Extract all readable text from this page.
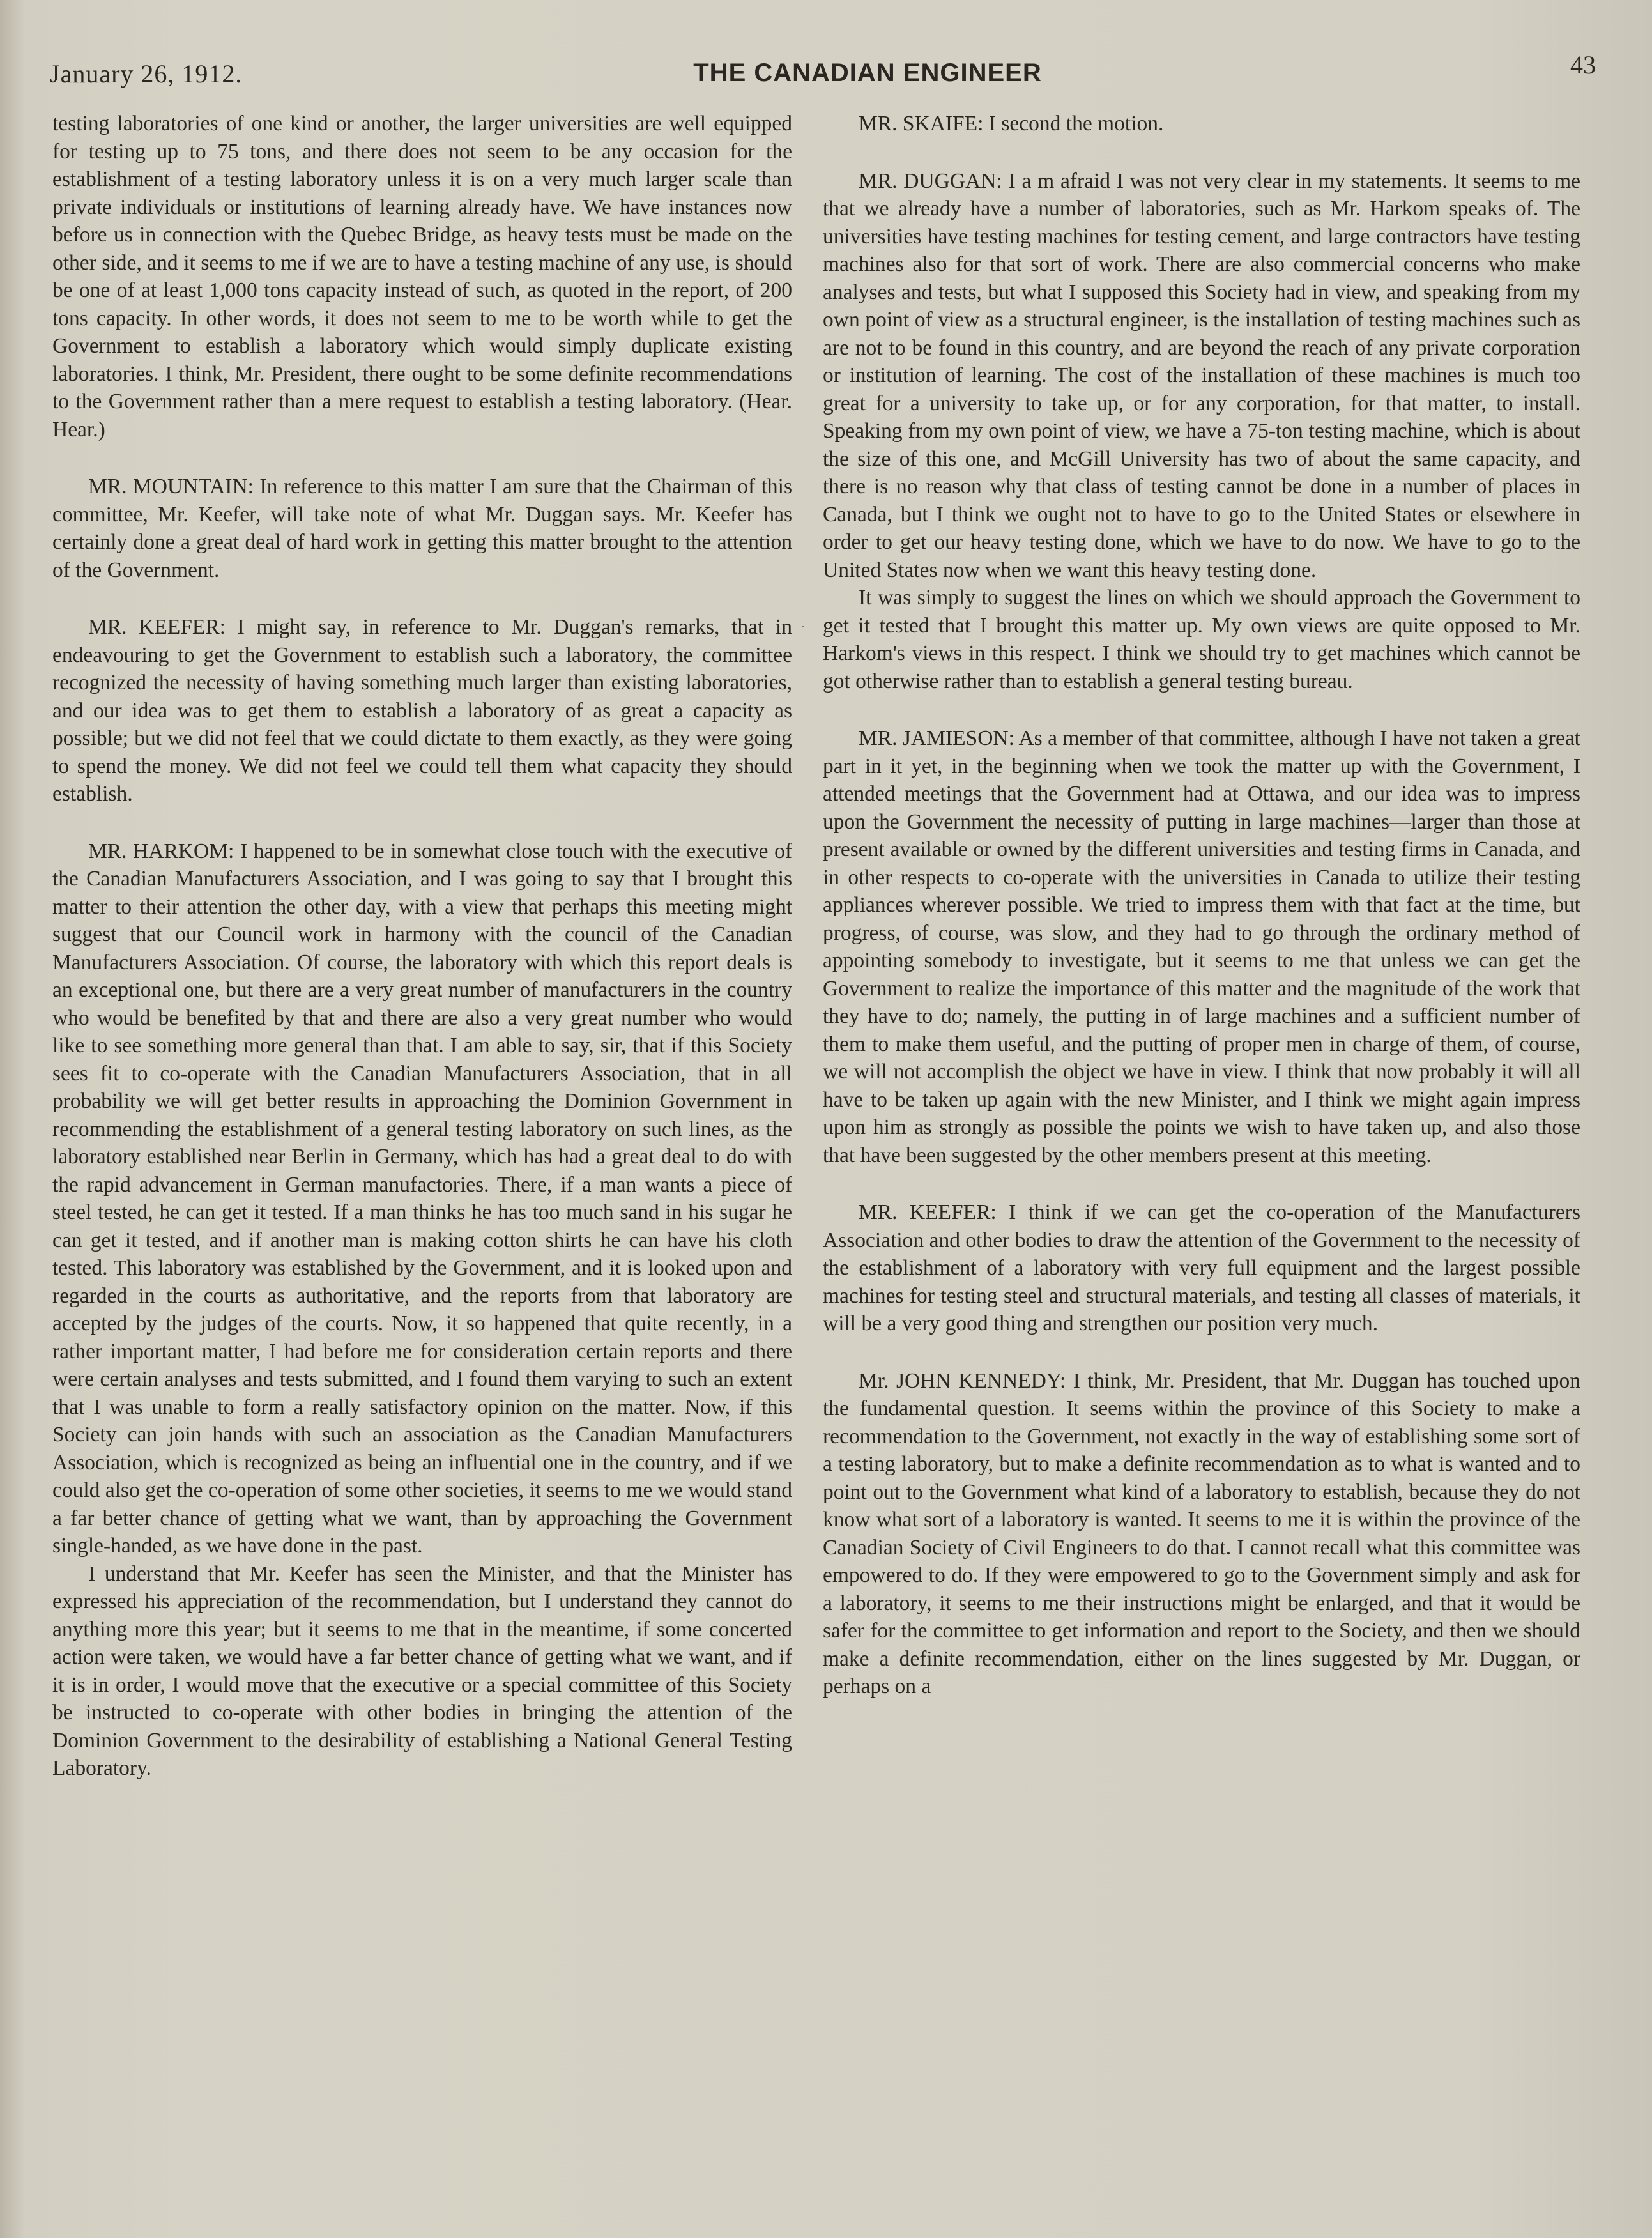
January 26, 1912.	THE CANADIAN ENGINEER	43

testing laboratories of one kind or another, the larger universities are well equipped for testing up to 75 tons, and there does not seem to be any occasion for the establishment of a testing laboratory unless it is on a very much larger scale than private individuals or institutions of learning already have. We have instances now before us in connection with the Quebec Bridge, as heavy tests must be made on the other side, and it seems to me if we are to have a testing machine of any use, is should be one of at least 1,000 tons capacity instead of such, as quoted in the report, of 200 tons capacity. In other words, it does not seem to me to be worth while to get the Government to establish a laboratory which would simply duplicate existing laboratories. I think, Mr. President, there ought to be some definite recommendations to the Government rather than a mere request to establish a testing laboratory. (Hear. Hear.)

MR. MOUNTAIN: In reference to this matter I am sure that the Chairman of this committee, Mr. Keefer, will take note of what Mr. Duggan says. Mr. Keefer has certainly done a great deal of hard work in getting this matter brought to the attention of the Government.

MR. KEEFER: I might say, in reference to Mr. Duggan's remarks, that in endeavouring to get the Government to establish such a laboratory, the committee recognized the necessity of having something much larger than existing laboratories, and our idea was to get them to establish a laboratory of as great a capacity as possible; but we did not feel that we could dictate to them exactly, as they were going to spend the money. We did not feel we could tell them what capacity they should establish.

MR. HARKOM: I happened to be in somewhat close touch with the executive of the Canadian Manufacturers Association, and I was going to say that I brought this matter to their attention the other day, with a view that perhaps this meeting might suggest that our Council work in harmony with the council of the Canadian Manufacturers Association. Of course, the laboratory with which this report deals is an exceptional one, but there are a very great number of manufacturers in the country who would be benefited by that and there are also a very great number who would like to see something more general than that. I am able to say, sir, that if this Society sees fit to co-operate with the Canadian Manufacturers Association, that in all probability we will get better results in approaching the Dominion Government in recommending the establishment of a general testing laboratory on such lines, as the laboratory established near Berlin in Germany, which has had a great deal to do with the rapid advancement in German manufactories. There, if a man wants a piece of steel tested, he can get it tested. If a man thinks he has too much sand in his sugar he can get it tested, and if another man is making cotton shirts he can have his cloth tested. This laboratory was established by the Government, and it is looked upon and regarded in the courts as authoritative, and the reports from that laboratory are accepted by the judges of the courts. Now, it so happened that quite recently, in a rather important matter, I had before me for consideration certain reports and there were certain analyses and tests submitted, and I found them varying to such an extent that I was unable to form a really satisfactory opinion on the matter. Now, if this Society can join hands with such an association as the Canadian Manufacturers Association, which is recognized as being an influential one in the country, and if we could also get the co-operation of some other societies, it seems to me we would stand a far better chance of getting what we want, than by approaching the Government single-handed, as we have done in the past.

I understand that Mr. Keefer has seen the Minister, and that the Minister has expressed his appreciation of the recommendation, but I understand they cannot do anything more this year; but it seems to me that in the meantime, if some concerted action were taken, we would have a far better chance of getting what we want, and if it is in order, I would move that the executive or a special committee of this Society be instructed to co-operate with other bodies in bringing the attention of the Dominion Government to the desirability of establishing a National General Testing Laboratory.

MR. SKAIFE: I second the motion.

MR. DUGGAN: I a m afraid I was not very clear in my statements. It seems to me that we already have a number of laboratories, such as Mr. Harkom speaks of. The universities have testing machines for testing cement, and large contractors have testing machines also for that sort of work. There are also commercial concerns who make analyses and tests, but what I supposed this Society had in view, and speaking from my own point of view as a structural engineer, is the installation of testing machines such as are not to be found in this country, and are beyond the reach of any private corporation or institution of learning. The cost of the installation of these machines is much too great for a university to take up, or for any corporation, for that matter, to install. Speaking from my own point of view, we have a 75-ton testing machine, which is about the size of this one, and McGill University has two of about the same capacity, and there is no reason why that class of testing cannot be done in a number of places in Canada, but I think we ought not to have to go to the United States or elsewhere in order to get our heavy testing done, which we have to do now. We have to go to the United States now when we want this heavy testing done.

It was simply to suggest the lines on which we should approach the Government to get it tested that I brought this matter up. My own views are quite opposed to Mr. Harkom's views in this respect. I think we should try to get machines which cannot be got otherwise rather than to establish a general testing bureau.

MR. JAMIESON: As a member of that committee, although I have not taken a great part in it yet, in the beginning when we took the matter up with the Government, I attended meetings that the Government had at Ottawa, and our idea was to impress upon the Government the necessity of putting in large machines—larger than those at present available or owned by the different universities and testing firms in Canada, and in other respects to co-operate with the universities in Canada to utilize their testing appliances wherever possible. We tried to impress them with that fact at the time, but progress, of course, was slow, and they had to go through the ordinary method of appointing somebody to investigate, but it seems to me that unless we can get the Government to realize the importance of this matter and the magnitude of the work that they have to do; namely, the putting in of large machines and a sufficient number of them to make them useful, and the putting of proper men in charge of them, of course, we will not accomplish the object we have in view. I think that now probably it will all have to be taken up again with the new Minister, and I think we might again impress upon him as strongly as possible the points we wish to have taken up, and also those that have been suggested by the other members present at this meeting.

MR. KEEFER: I think if we can get the co-operation of the Manufacturers Association and other bodies to draw the attention of the Government to the necessity of the establishment of a laboratory with very full equipment and the largest possible machines for testing steel and structural materials, and testing all classes of materials, it will be a very good thing and strengthen our position very much.

Mr. JOHN KENNEDY: I think, Mr. President, that Mr. Duggan has touched upon the fundamental question. It seems within the province of this Society to make a recommendation to the Government, not exactly in the way of establishing some sort of a testing laboratory, but to make a definite recommendation as to what is wanted and to point out to the Government what kind of a laboratory to establish, because they do not know what sort of a laboratory is wanted. It seems to me it is within the province of the Canadian Society of Civil Engineers to do that. I cannot recall what this committee was empowered to do. If they were empowered to go to the Government simply and ask for a laboratory, it seems to me their instructions might be enlarged, and that it would be safer for the committee to get information and report to the Society, and then we should make a definite recommendation, either on the lines suggested by Mr. Duggan, or perhaps on a
